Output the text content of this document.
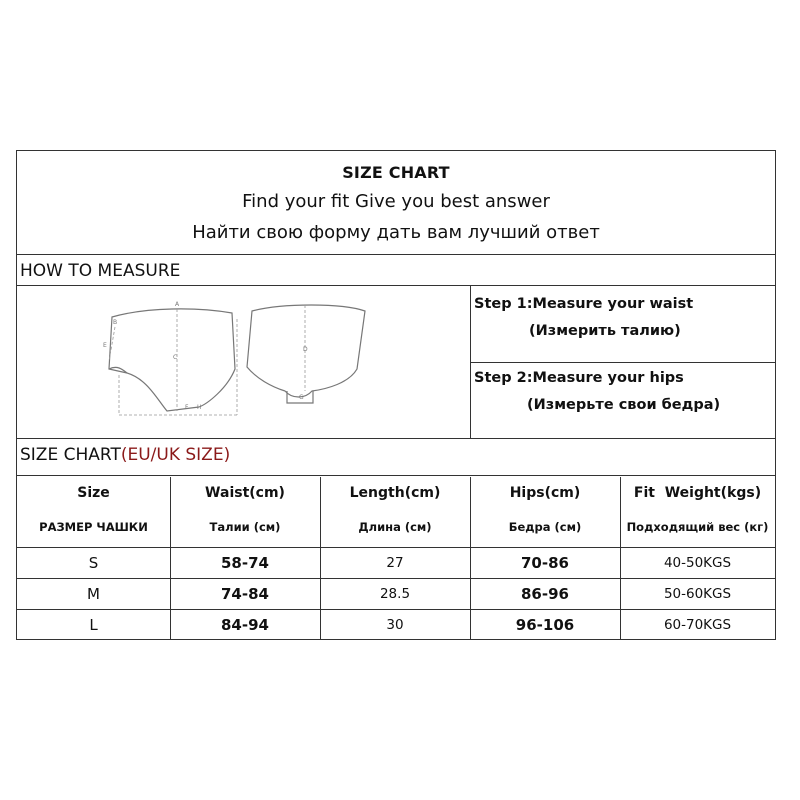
SIZE CHART
Find your fit Give you best answer
Найти свою форму дать вам лучший ответ
HOW TO MEASURE
A
B
C
D
E
F
G
H
Step 1:Measure your waist
(Измерить талию)
Step 2:Measure your hips
(Измерьте свои бедра)
SIZE CHART(EU/UK SIZE)
Size	Waist(cm)	Length(cm)	Hips(cm)	Fit  Weight(kgs)
РАЗМЕР ЧАШКИ	Талии (см)	Длина (см)	Бедра (см)	Подходящий вес (кг)
S	58-74	27	70-86	40-50KGS
M	74-84	28.5	86-96	50-60KGS
L	84-94	30	96-106	60-70KGS
